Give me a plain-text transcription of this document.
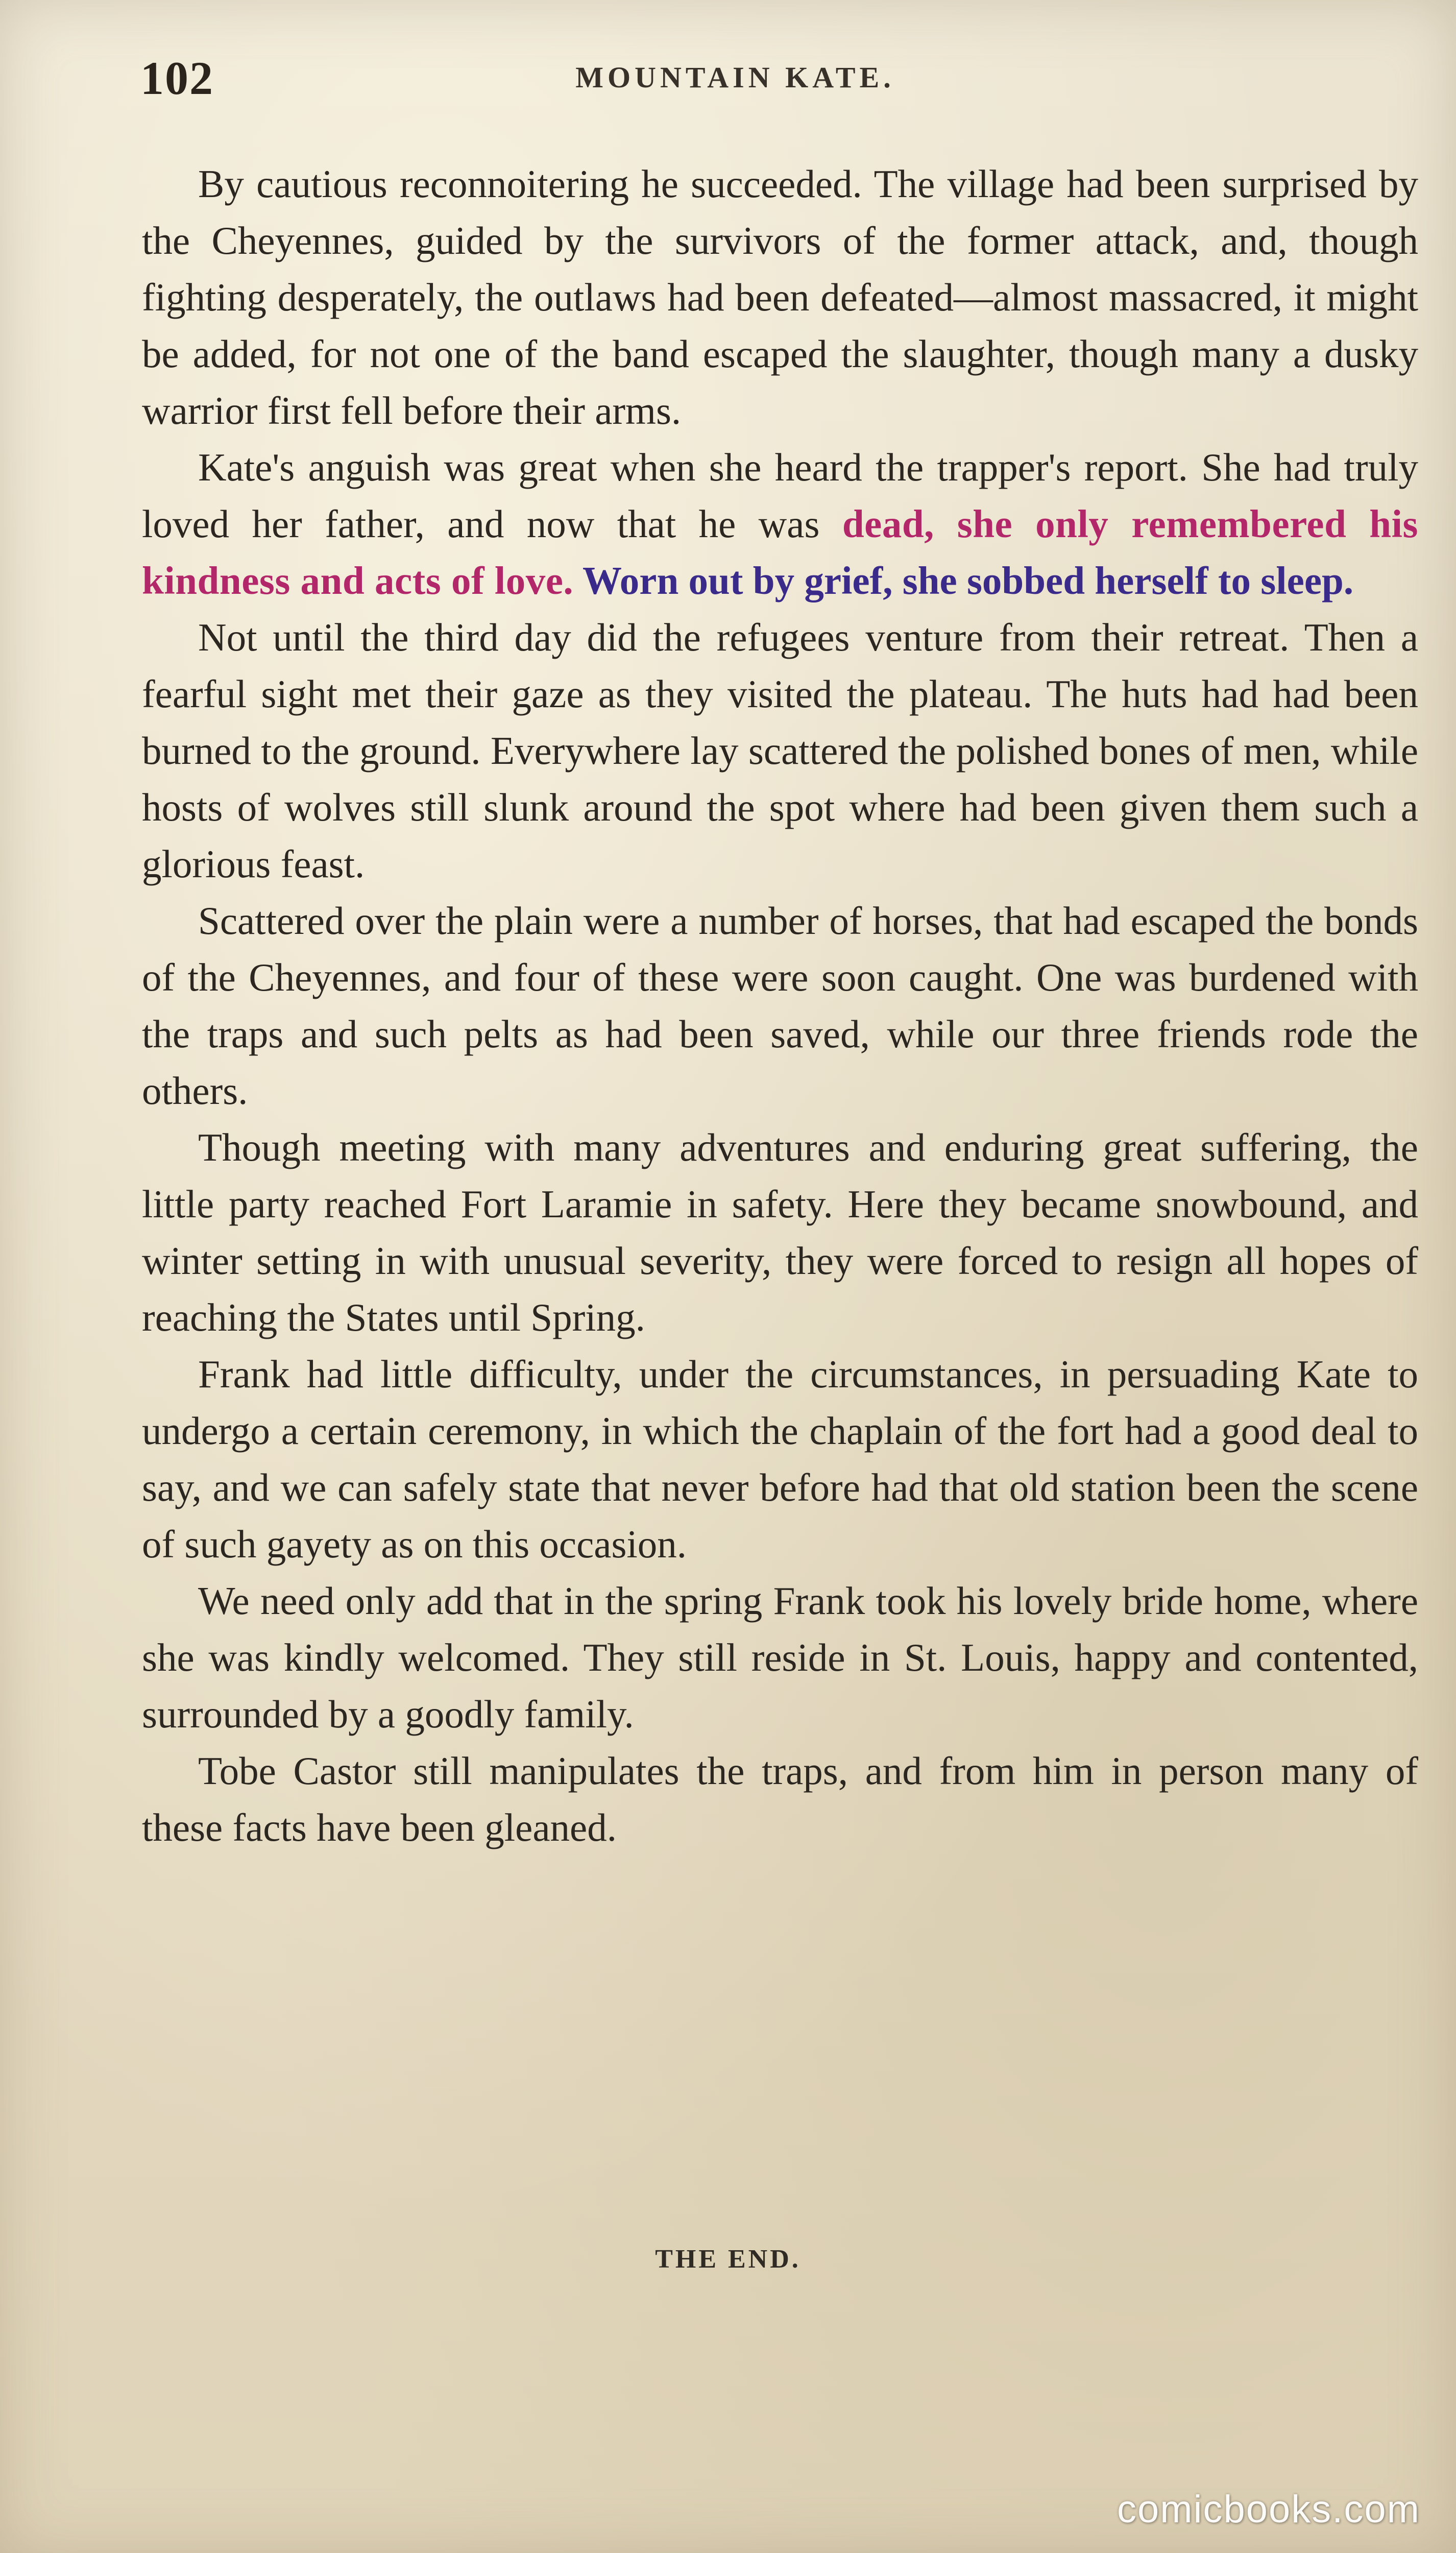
102	MOUNTAIN KATE.

By cautious reconnoitering he succeeded. The village had been surprised by the Cheyennes, guided by the survivors of the former attack, and, though fighting desperately, the outlaws had been defeated—almost massacred, it might be added, for not one of the band escaped the slaughter, though many a dusky warrior first fell before their arms.

Kate's anguish was great when she heard the trapper's report. She had truly loved her father, and now that he was dead, she only remembered his kindness and acts of love. Worn out by grief, she sobbed herself to sleep.

Not until the third day did the refugees venture from their retreat. Then a fearful sight met their gaze as they visited the plateau. The huts had had been burned to the ground. Everywhere lay scattered the polished bones of men, while hosts of wolves still slunk around the spot where had been given them such a glorious feast.

Scattered over the plain were a number of horses, that had escaped the bonds of the Cheyennes, and four of these were soon caught. One was burdened with the traps and such pelts as had been saved, while our three friends rode the others.

Though meeting with many adventures and enduring great suffering, the little party reached Fort Laramie in safety. Here they became snowbound, and winter setting in with unusual severity, they were forced to resign all hopes of reaching the States until Spring.

Frank had little difficulty, under the circumstances, in persuading Kate to undergo a certain ceremony, in which the chaplain of the fort had a good deal to say, and we can safely state that never before had that old station been the scene of such gayety as on this occasion.

We need only add that in the spring Frank took his lovely bride home, where she was kindly welcomed. They still reside in St. Louis, happy and contented, surrounded by a goodly family.

Tobe Castor still manipulates the traps, and from him in person many of these facts have been gleaned.

THE END.
comicbooks.com
